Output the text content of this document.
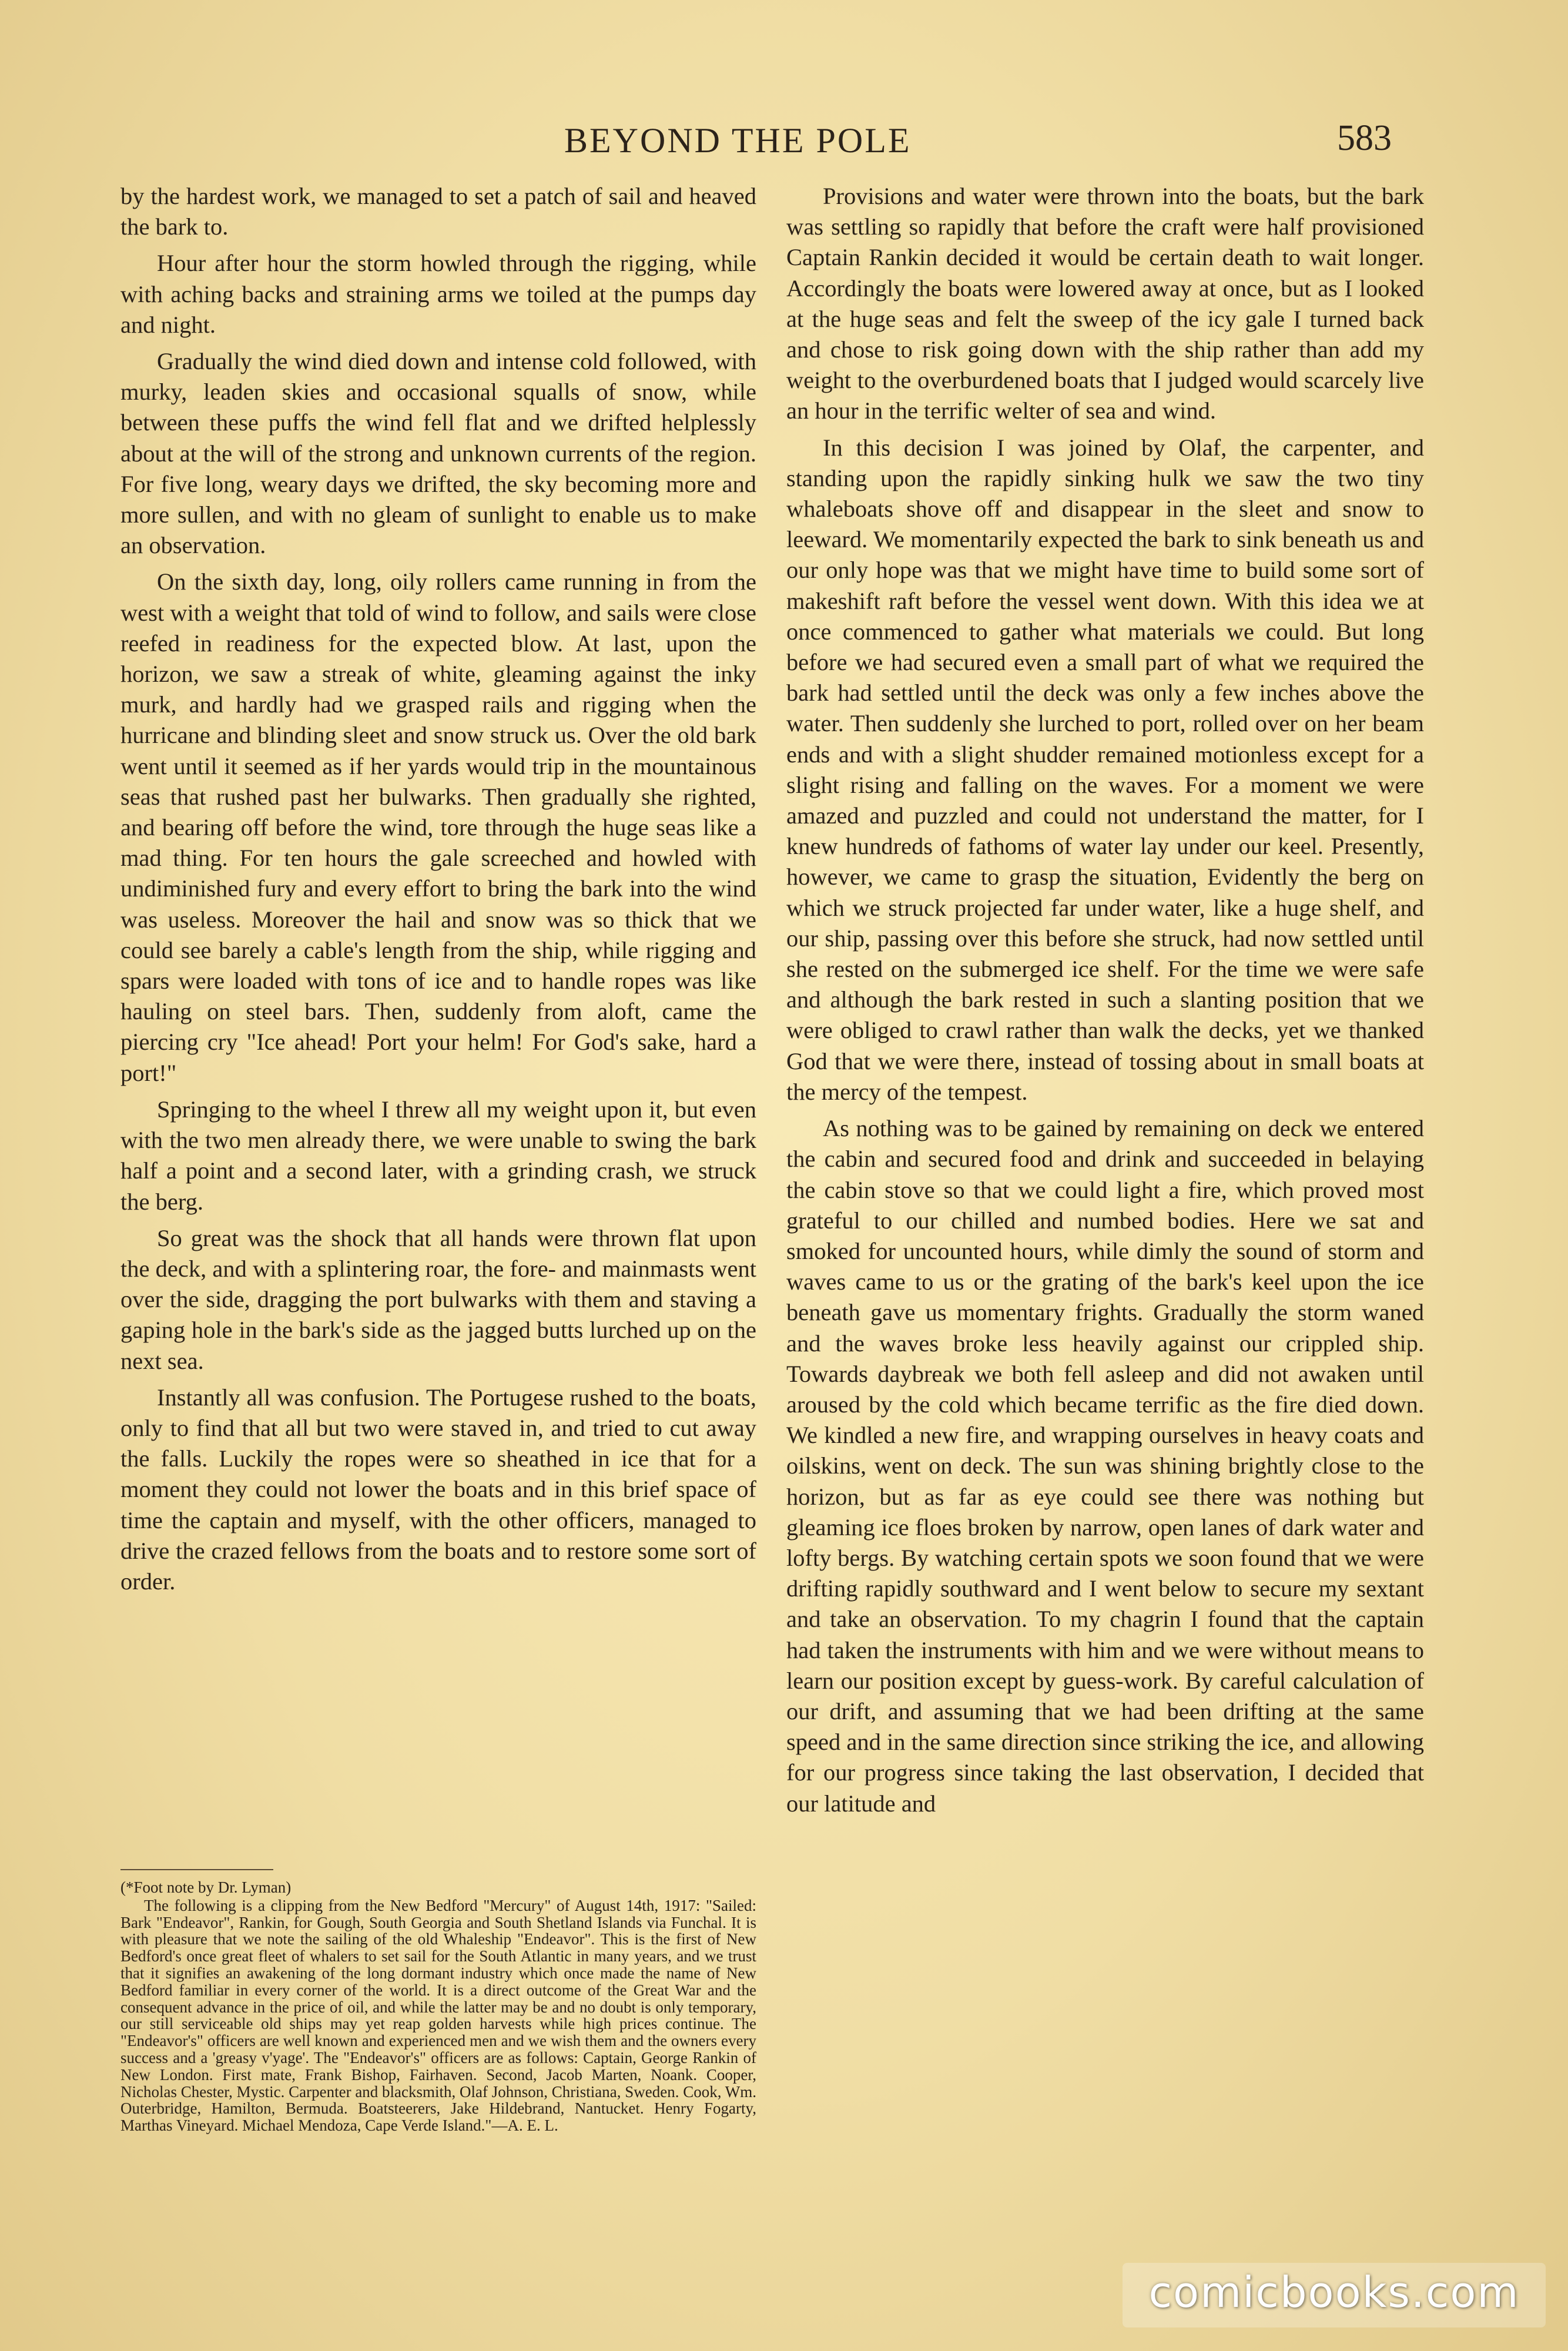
BEYOND THE POLE	583

by the hardest work, we managed to set a patch of sail and heaved the bark to.

Hour after hour the storm howled through the rigging, while with aching backs and straining arms we toiled at the pumps day and night.

Gradually the wind died down and intense cold followed, with murky, leaden skies and occasional squalls of snow, while between these puffs the wind fell flat and we drifted helplessly about at the will of the strong and unknown currents of the region. For five long, weary days we drifted, the sky becoming more and more sullen, and with no gleam of sunlight to enable us to make an observation.

On the sixth day, long, oily rollers came running in from the west with a weight that told of wind to follow, and sails were close reefed in readiness for the expected blow. At last, upon the horizon, we saw a streak of white, gleaming against the inky murk, and hardly had we grasped rails and rigging when the hurricane and blinding sleet and snow struck us. Over the old bark went until it seemed as if her yards would trip in the mountainous seas that rushed past her bulwarks. Then gradually she righted, and bearing off before the wind, tore through the huge seas like a mad thing. For ten hours the gale screeched and howled with undiminished fury and every effort to bring the bark into the wind was useless. Moreover the hail and snow was so thick that we could see barely a cable's length from the ship, while rigging and spars were loaded with tons of ice and to handle ropes was like hauling on steel bars. Then, suddenly from aloft, came the piercing cry "Ice ahead! Port your helm! For God's sake, hard a port!"

Springing to the wheel I threw all my weight upon it, but even with the two men already there, we were unable to swing the bark half a point and a second later, with a grinding crash, we struck the berg.

So great was the shock that all hands were thrown flat upon the deck, and with a splintering roar, the fore- and mainmasts went over the side, dragging the port bulwarks with them and staving a gaping hole in the bark's side as the jagged butts lurched up on the next sea.

Instantly all was confusion. The Portugese rushed to the boats, only to find that all but two were staved in, and tried to cut away the falls. Luckily the ropes were so sheathed in ice that for a moment they could not lower the boats and in this brief space of time the captain and myself, with the other officers, managed to drive the crazed fellows from the boats and to restore some sort of order.

(*Foot note by Dr. Lyman)

The following is a clipping from the New Bedford "Mercury" of August 14th, 1917: "Sailed: Bark "Endeavor", Rankin, for Gough, South Georgia and South Shetland Islands via Funchal. It is with pleasure that we note the sailing of the old Whaleship "Endeavor". This is the first of New Bedford's once great fleet of whalers to set sail for the South Atlantic in many years, and we trust that it signifies an awakening of the long dormant industry which once made the name of New Bedford familiar in every corner of the world. It is a direct outcome of the Great War and the consequent advance in the price of oil, and while the latter may be and no doubt is only temporary, our still serviceable old ships may yet reap golden harvests while high prices continue. The "Endeavor's" officers are well known and experienced men and we wish them and the owners every success and a 'greasy v'yage'. The "Endeavor's" officers are as follows: Captain, George Rankin of New London. First mate, Frank Bishop, Fairhaven. Second, Jacob Marten, Noank. Cooper, Nicholas Chester, Mystic. Carpenter and blacksmith, Olaf Johnson, Christiana, Sweden. Cook, Wm. Outerbridge, Hamilton, Bermuda. Boatsteerers, Jake Hildebrand, Nantucket. Henry Fogarty, Marthas Vineyard. Michael Mendoza, Cape Verde Island."—A. E. L.

Provisions and water were thrown into the boats, but the bark was settling so rapidly that before the craft were half provisioned Captain Rankin decided it would be certain death to wait longer. Accordingly the boats were lowered away at once, but as I looked at the huge seas and felt the sweep of the icy gale I turned back and chose to risk going down with the ship rather than add my weight to the overburdened boats that I judged would scarcely live an hour in the terrific welter of sea and wind.

In this decision I was joined by Olaf, the carpenter, and standing upon the rapidly sinking hulk we saw the two tiny whaleboats shove off and disappear in the sleet and snow to leeward. We momentarily expected the bark to sink beneath us and our only hope was that we might have time to build some sort of makeshift raft before the vessel went down. With this idea we at once commenced to gather what materials we could. But long before we had secured even a small part of what we required the bark had settled until the deck was only a few inches above the water. Then suddenly she lurched to port, rolled over on her beam ends and with a slight shudder remained motionless except for a slight rising and falling on the waves. For a moment we were amazed and puzzled and could not understand the matter, for I knew hundreds of fathoms of water lay under our keel. Presently, however, we came to grasp the situation, Evidently the berg on which we struck projected far under water, like a huge shelf, and our ship, passing over this before she struck, had now settled until she rested on the submerged ice shelf. For the time we were safe and although the bark rested in such a slanting position that we were obliged to crawl rather than walk the decks, yet we thanked God that we were there, instead of tossing about in small boats at the mercy of the tempest.

As nothing was to be gained by remaining on deck we entered the cabin and secured food and drink and succeeded in belaying the cabin stove so that we could light a fire, which proved most grateful to our chilled and numbed bodies. Here we sat and smoked for uncounted hours, while dimly the sound of storm and waves came to us or the grating of the bark's keel upon the ice beneath gave us momentary frights. Gradually the storm waned and the waves broke less heavily against our crippled ship. Towards daybreak we both fell asleep and did not awaken until aroused by the cold which became terrific as the fire died down. We kindled a new fire, and wrapping ourselves in heavy coats and oilskins, went on deck. The sun was shining brightly close to the horizon, but as far as eye could see there was nothing but gleaming ice floes broken by narrow, open lanes of dark water and lofty bergs. By watching certain spots we soon found that we were drifting rapidly southward and I went below to secure my sextant and take an observation. To my chagrin I found that the captain had taken the instruments with him and we were without means to learn our position except by guess-work. By careful calculation of our drift, and assuming that we had been drifting at the same speed and in the same direction since striking the ice, and allowing for our progress since taking the last observation, I decided that our latitude and

comicbooks.com
